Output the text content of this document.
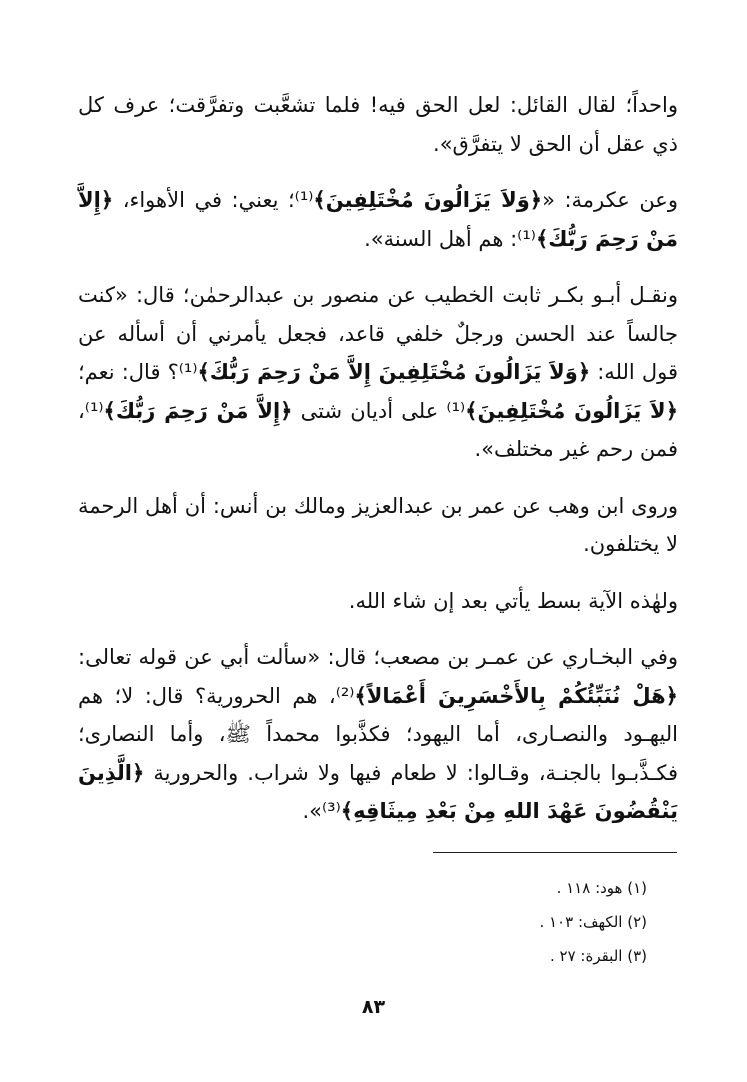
واحداً؛ لقال القائل: لعل الحق فيه! فلما تشعَّبت وتفرَّقت؛ عرف كل ذي عقل أن الحق لا يتفرَّق».

وعن عكرمة: «﴿وَلاَ يَزَالُونَ مُخْتَلِفِينَ﴾⁽¹⁾؛ يعني: في الأهواء، ﴿إِلاَّ مَنْ رَحِمَ رَبُّكَ﴾⁽¹⁾: هم أهل السنة».

ونقـل أبـو بكـر ثابت الخطيب عن منصور بن عبدالرحمٰن؛ قال: «كنت جالساً عند الحسن ورجلٌ خلفي قاعد، فجعل يأمرني أن أسأله عن قول الله: ﴿وَلاَ يَزَالُونَ مُخْتَلِفِينَ إِلاَّ مَنْ رَحِمَ رَبُّكَ﴾⁽¹⁾؟ قال: نعم؛ ﴿لاَ يَزَالُونَ مُخْتَلِفِينَ﴾⁽¹⁾ على أديان شتى ﴿إِلاَّ مَنْ رَحِمَ رَبُّكَ﴾⁽¹⁾، فمن رحم غير مختلف».

وروى ابن وهب عن عمر بن عبدالعزيز ومالك بن أنس: أن أهل الرحمة لا يختلفون.

ولهٰذه الآية بسط يأتي بعد إن شاء الله.

وفي البخـاري عن عمـر بن مصعب؛ قال: «سألت أبي عن قوله تعالى: ﴿هَلْ نُنَبِّئُكُمْ بِالأَخْسَرِينَ أَعْمَالاً﴾⁽²⁾، هم الحرورية؟ قال: لا؛ هم اليهـود والنصـارى، أما اليهود؛ فكذَّبوا محمداً ﷺ، وأما النصارى؛ فكـذَّبـوا بالجنـة، وقـالوا: لا طعام فيها ولا شراب. والحرورية ﴿الَّذِينَ يَنْقُضُونَ عَهْدَ اللهِ مِنْ بَعْدِ مِيثَاقِهِ﴾⁽³⁾».

(١) هود: ١١٨ .
(٢) الكهف: ١٠٣ .
(٣) البقرة: ٢٧ .
٨٣
